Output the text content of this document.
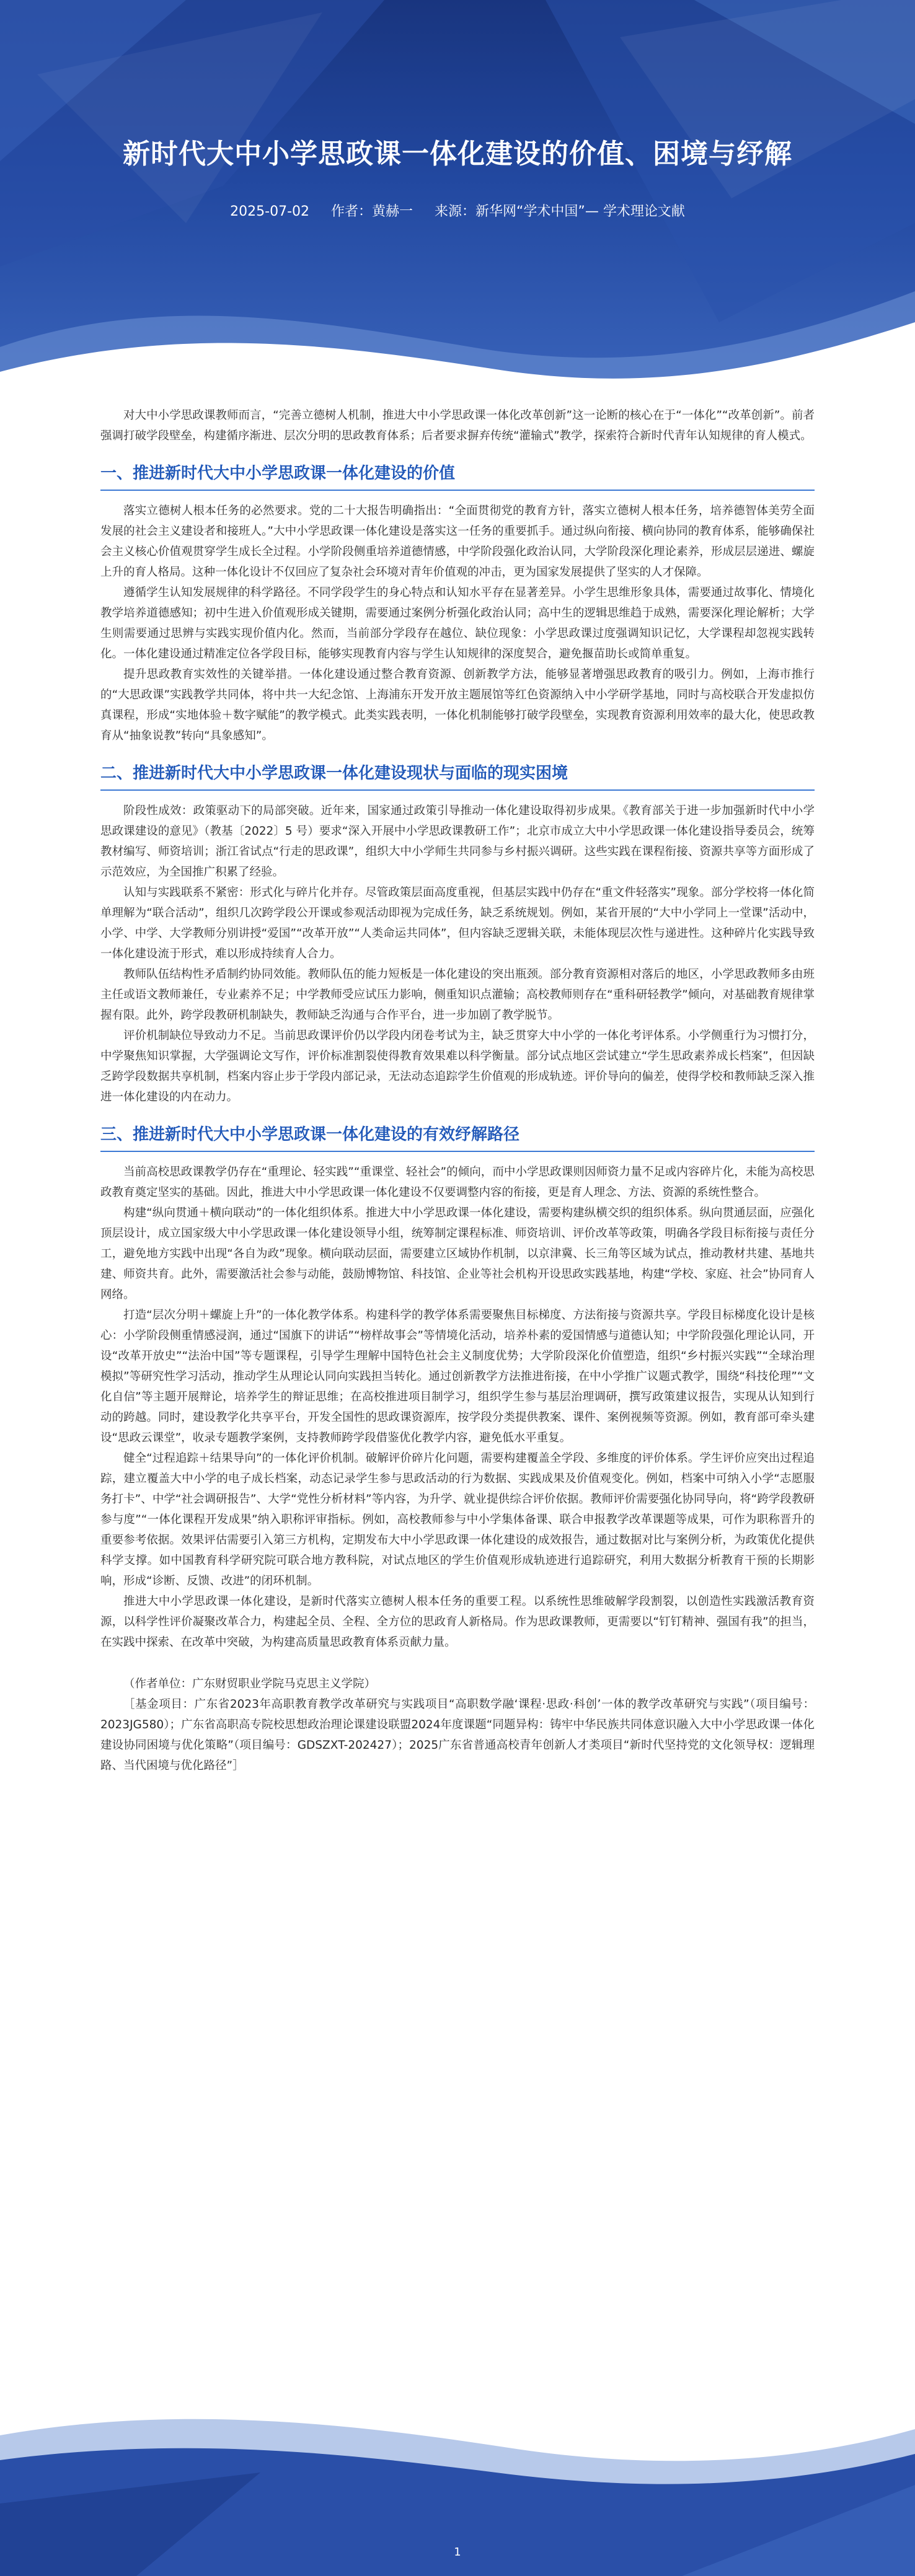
新时代大中小学思政课一体化建设的价值、困境与纾解
2025-07-02 作者：黄赫一 来源：新华网“学术中国”— 学术理论文献

对大中小学思政课教师而言，“完善立德树人机制，推进大中小学思政课一体化改革创新”这一论断的核心在于“一体化”“改革创新”。前者强调打破学段壁垒，构建循序渐进、层次分明的思政教育体系；后者要求摒弃传统“灌输式”教学，探索符合新时代青年认知规律的育人模式。

一、推进新时代大中小学思政课一体化建设的价值

落实立德树人根本任务的必然要求。党的二十大报告明确指出：“全面贯彻党的教育方针，落实立德树人根本任务，培养德智体美劳全面发展的社会主义建设者和接班人。”大中小学思政课一体化建设是落实这一任务的重要抓手。通过纵向衔接、横向协同的教育体系，能够确保社会主义核心价值观贯穿学生成长全过程。小学阶段侧重培养道德情感，中学阶段强化政治认同，大学阶段深化理论素养，形成层层递进、螺旋上升的育人格局。这种一体化设计不仅回应了复杂社会环境对青年价值观的冲击，更为国家发展提供了坚实的人才保障。

遵循学生认知发展规律的科学路径。不同学段学生的身心特点和认知水平存在显著差异。小学生思维形象具体，需要通过故事化、情境化教学培养道德感知；初中生进入价值观形成关键期，需要通过案例分析强化政治认同；高中生的逻辑思维趋于成熟，需要深化理论解析；大学生则需要通过思辨与实践实现价值内化。然而，当前部分学段存在越位、缺位现象：小学思政课过度强调知识记忆，大学课程却忽视实践转化。一体化建设通过精准定位各学段目标，能够实现教育内容与学生认知规律的深度契合，避免揠苗助长或简单重复。

提升思政教育实效性的关键举措。一体化建设通过整合教育资源、创新教学方法，能够显著增强思政教育的吸引力。例如，上海市推行的“大思政课”实践教学共同体，将中共一大纪念馆、上海浦东开发开放主题展馆等红色资源纳入中小学研学基地，同时与高校联合开发虚拟仿真课程，形成“实地体验＋数字赋能”的教学模式。此类实践表明，一体化机制能够打破学段壁垒，实现教育资源利用效率的最大化，使思政教育从“抽象说教”转向“具象感知”。

二、推进新时代大中小学思政课一体化建设现状与面临的现实困境

阶段性成效：政策驱动下的局部突破。近年来，国家通过政策引导推动一体化建设取得初步成果。《教育部关于进一步加强新时代中小学思政课建设的意见》（教基〔2022〕5 号）要求“深入开展中小学思政课教研工作”；北京市成立大中小学思政课一体化建设指导委员会，统筹教材编写、师资培训；浙江省试点“行走的思政课”，组织大中小学师生共同参与乡村振兴调研。这些实践在课程衔接、资源共享等方面形成了示范效应，为全国推广积累了经验。

认知与实践联系不紧密：形式化与碎片化并存。尽管政策层面高度重视，但基层实践中仍存在“重文件轻落实”现象。部分学校将一体化简单理解为“联合活动”，组织几次跨学段公开课或参观活动即视为完成任务，缺乏系统规划。例如，某省开展的“大中小学同上一堂课”活动中，小学、中学、大学教师分别讲授“爱国”“改革开放”“人类命运共同体”，但内容缺乏逻辑关联，未能体现层次性与递进性。这种碎片化实践导致一体化建设流于形式，难以形成持续育人合力。

教师队伍结构性矛盾制约协同效能。教师队伍的能力短板是一体化建设的突出瓶颈。部分教育资源相对落后的地区，小学思政教师多由班主任或语文教师兼任，专业素养不足；中学教师受应试压力影响，侧重知识点灌输；高校教师则存在“重科研轻教学”倾向，对基础教育规律掌握有限。此外，跨学段教研机制缺失，教师缺乏沟通与合作平台，进一步加剧了教学脱节。

评价机制缺位导致动力不足。当前思政课评价仍以学段内闭卷考试为主，缺乏贯穿大中小学的一体化考评体系。小学侧重行为习惯打分，中学聚焦知识掌握，大学强调论文写作，评价标准割裂使得教育效果难以科学衡量。部分试点地区尝试建立“学生思政素养成长档案”，但因缺乏跨学段数据共享机制，档案内容止步于学段内部记录，无法动态追踪学生价值观的形成轨迹。评价导向的偏差，使得学校和教师缺乏深入推进一体化建设的内在动力。

三、推进新时代大中小学思政课一体化建设的有效纾解路径

当前高校思政课教学仍存在“重理论、轻实践”“重课堂、轻社会”的倾向，而中小学思政课则因师资力量不足或内容碎片化，未能为高校思政教育奠定坚实的基础。因此，推进大中小学思政课一体化建设不仅要调整内容的衔接，更是育人理念、方法、资源的系统性整合。

构建“纵向贯通＋横向联动”的一体化组织体系。推进大中小学思政课一体化建设，需要构建纵横交织的组织体系。纵向贯通层面，应强化顶层设计，成立国家级大中小学思政课一体化建设领导小组，统筹制定课程标准、师资培训、评价改革等政策，明确各学段目标衔接与责任分工，避免地方实践中出现“各自为政”现象。横向联动层面，需要建立区域协作机制，以京津冀、长三角等区域为试点，推动教材共建、基地共建、师资共育。此外，需要激活社会参与动能，鼓励博物馆、科技馆、企业等社会机构开设思政实践基地，构建“学校、家庭、社会”协同育人网络。

打造“层次分明＋螺旋上升”的一体化教学体系。构建科学的教学体系需要聚焦目标梯度、方法衔接与资源共享。学段目标梯度化设计是核心：小学阶段侧重情感浸润，通过“国旗下的讲话”“榜样故事会”等情境化活动，培养朴素的爱国情感与道德认知；中学阶段强化理论认同，开设“改革开放史”“法治中国”等专题课程，引导学生理解中国特色社会主义制度优势；大学阶段深化价值塑造，组织“乡村振兴实践”“全球治理模拟”等研究性学习活动，推动学生从理论认同向实践担当转化。通过创新教学方法推进衔接，在中小学推广议题式教学，围绕“科技伦理”“文化自信”等主题开展辩论，培养学生的辩证思维；在高校推进项目制学习，组织学生参与基层治理调研，撰写政策建议报告，实现从认知到行动的跨越。同时，建设教学化共享平台，开发全国性的思政课资源库，按学段分类提供教案、课件、案例视频等资源。例如，教育部可牵头建设“思政云课堂”，收录专题教学案例，支持教师跨学段借鉴优化教学内容，避免低水平重复。

健全“过程追踪＋结果导向”的一体化评价机制。破解评价碎片化问题，需要构建覆盖全学段、多维度的评价体系。学生评价应突出过程追踪，建立覆盖大中小学的电子成长档案，动态记录学生参与思政活动的行为数据、实践成果及价值观变化。例如，档案中可纳入小学“志愿服务打卡”、中学“社会调研报告”、大学“党性分析材料”等内容，为升学、就业提供综合评价依据。教师评价需要强化协同导向，将“跨学段教研参与度”“一体化课程开发成果”纳入职称评审指标。例如，高校教师参与中小学集体备课、联合申报教学改革课题等成果，可作为职称晋升的重要参考依据。效果评估需要引入第三方机构，定期发布大中小学思政课一体化建设的成效报告，通过数据对比与案例分析，为政策优化提供科学支撑。如中国教育科学研究院可联合地方教科院，对试点地区的学生价值观形成轨迹进行追踪研究，利用大数据分析教育干预的长期影响，形成“诊断、反馈、改进”的闭环机制。

推进大中小学思政课一体化建设，是新时代落实立德树人根本任务的重要工程。以系统性思维破解学段割裂，以创造性实践激活教育资源，以科学性评价凝聚改革合力，构建起全员、全程、全方位的思政育人新格局。作为思政课教师，更需要以“钉钉精神、强国有我”的担当，在实践中探索、在改革中突破，为构建高质量思政教育体系贡献力量。

（作者单位：广东财贸职业学院马克思主义学院）

［基金项目：广东省2023年高职教育教学改革研究与实践项目“高职数学融‘课程·思政·科创’一体的教学改革研究与实践”（项目编号：2023JG580）；广东省高职高专院校思想政治理论课建设联盟2024年度课题“同题异构：铸牢中华民族共同体意识融入大中小学思政课一体化建设协同困境与优化策略”（项目编号：GDSZXT-202427）；2025广东省普通高校青年创新人才类项目“新时代坚持党的文化领导权：逻辑理路、当代困境与优化路径”］

1
